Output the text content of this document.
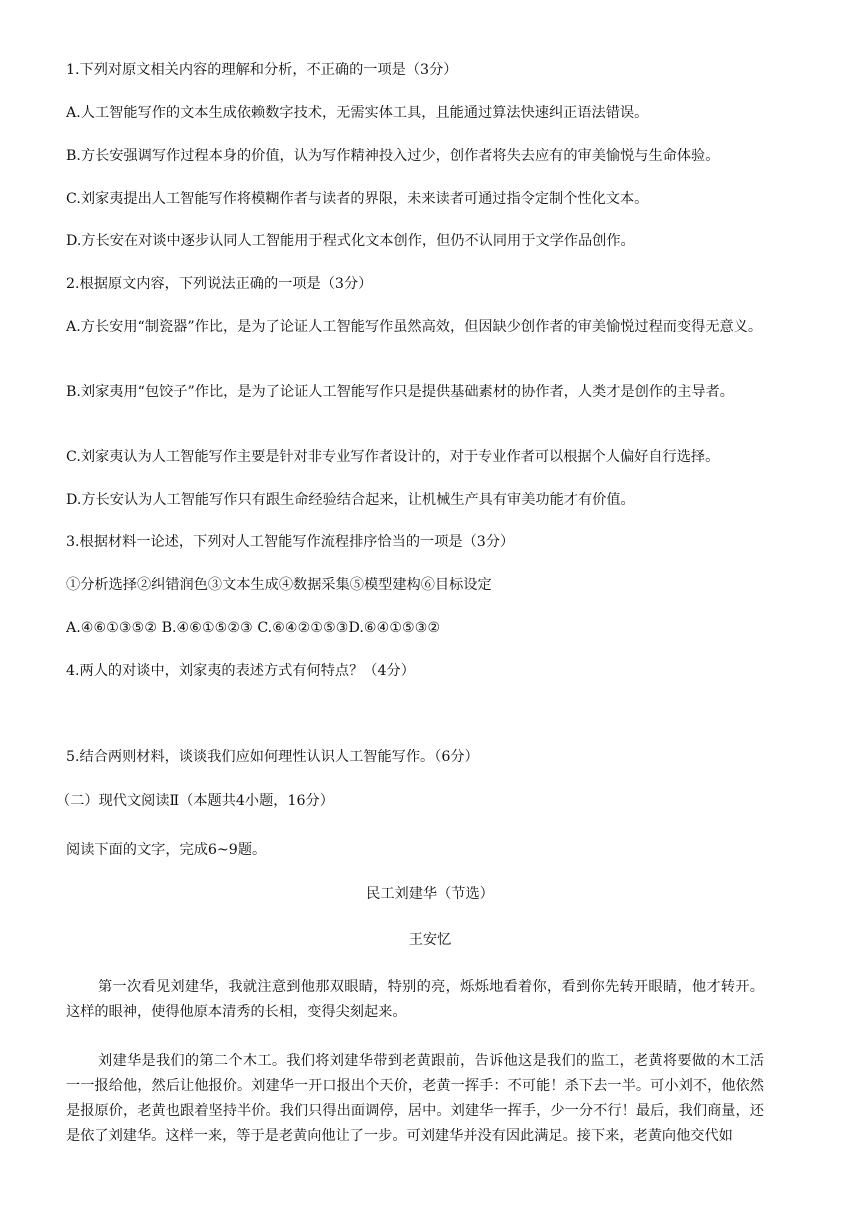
1.下列对原文相关内容的理解和分析，不正确的一项是（3分）

A.人工智能写作的文本生成依赖数字技术，无需实体工具，且能通过算法快速纠正语法错误。

B.方长安强调写作过程本身的价值，认为写作精神投入过少，创作者将失去应有的审美愉悦与生命体验。

C.刘家夷提出人工智能写作将模糊作者与读者的界限，未来读者可通过指令定制个性化文本。

D.方长安在对谈中逐步认同人工智能用于程式化文本创作，但仍不认同用于文学作品创作。

2.根据原文内容，下列说法正确的一项是（3分）

A.方长安用“制瓷器”作比，是为了论证人工智能写作虽然高效，但因缺少创作者的审美愉悦过程而变得无意义。

B.刘家夷用“包饺子”作比，是为了论证人工智能写作只是提供基础素材的协作者，人类才是创作的主导者。

C.刘家夷认为人工智能写作主要是针对非专业写作者设计的，对于专业作者可以根据个人偏好自行选择。

D.方长安认为人工智能写作只有跟生命经验结合起来，让机械生产具有审美功能才有价值。

3.根据材料一论述，下列对人工智能写作流程排序恰当的一项是（3分）

①分析选择②纠错润色③文本生成④数据采集⑤模型建构⑥目标设定

A.④⑥①③⑤② B.④⑥①⑤②③ C.⑥④②①⑤③D.⑥④①⑤③②

4.两人的对谈中，刘家夷的表述方式有何特点？（4分）

5.结合两则材料，谈谈我们应如何理性认识人工智能写作。（6分）

（二）现代文阅读Ⅱ（本题共4小题，16分）

阅读下面的文字，完成6~9题。

民工刘建华（节选）

王安忆

第一次看见刘建华，我就注意到他那双眼睛，特别的亮，烁烁地看着你，看到你先转开眼睛，他才转开。这样的眼神，使得他原本清秀的长相，变得尖刻起来。

刘建华是我们的第二个木工。我们将刘建华带到老黄跟前，告诉他这是我们的监工，老黄将要做的木工活一一报给他，然后让他报价。刘建华一开口报出个天价，老黄一挥手：不可能！杀下去一半。可小刘不，他依然是报原价，老黄也跟着坚持半价。我们只得出面调停，居中。刘建华一挥手，少一分不行！最后，我们商量，还是依了刘建华。这样一来，等于是老黄向他让了一步。可刘建华并没有因此满足。接下来，老黄向他交代如
